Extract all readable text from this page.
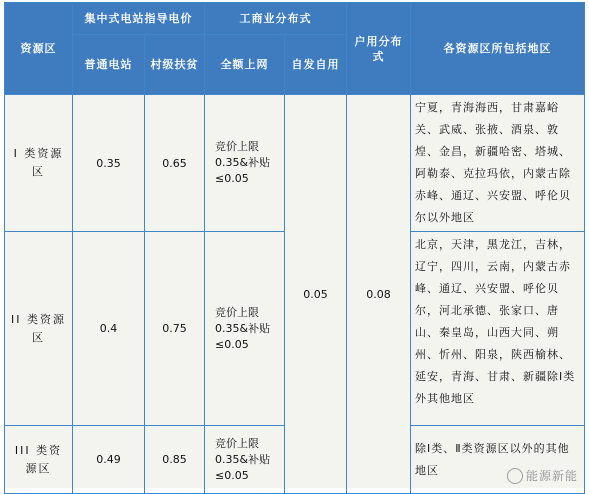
资源区	集中式电站指导电价		工商业分布式		户用分布式	各资源区所包括地区
	普通电站	村级扶贫	全额上网	自发自用		
I 类资源区	0.35	0.65	竞价上限0.35&补贴≤0.05	0.05	0.08	宁夏，青海海西，甘肃嘉峪关、武威、张掖、酒泉、敦煌、金昌，新疆哈密、塔城、阿勒泰、克拉玛依，内蒙古除赤峰、通辽、兴安盟、呼伦贝尔以外地区
II 类资源区	0.4	0.75	竞价上限0.35&补贴≤0.05			北京，天津，黑龙江，吉林，辽宁，四川，云南，内蒙古赤峰、通辽、兴安盟、呼伦贝尔，河北承德、张家口、唐山、秦皇岛，山西大同、朔州、忻州、阳泉，陕西榆林、延安，青海、甘肃、新疆除Ⅰ类外其他地区
III 类资源区	0.49	0.85	竞价上限0.35&补贴≤0.05			除Ⅰ类、Ⅱ类资源区以外的其他地区	能源新能
